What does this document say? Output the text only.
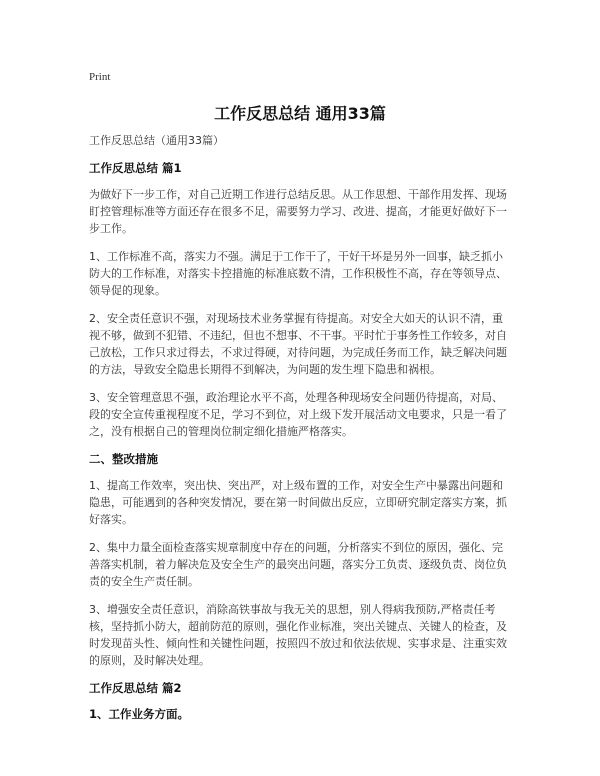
Print
工作反思总结 通用33篇

工作反思总结（通用33篇）

工作反思总结 篇1

为做好下一步工作，对自己近期工作进行总结反思。从工作思想、干部作用发挥、现场盯控管理标准等方面还存在很多不足，需要努力学习、改进、提高，才能更好做好下一步工作。

1、工作标准不高，落实力不强。满足于工作干了，干好干坏是另外一回事，缺乏抓小防大的工作标准，对落实卡控措施的标准底数不清，工作积极性不高，存在等领导点、领导促的现象。

2、安全责任意识不强，对现场技术业务掌握有待提高。对安全大如天的认识不清，重视不够，做到不犯错、不违纪，但也不想事、不干事。平时忙于事务性工作较多，对自己放松，工作只求过得去，不求过得硬，对待问题，为完成任务而工作，缺乏解决问题的方法，导致安全隐患长期得不到解决，为问题的发生埋下隐患和祸根。

3、安全管理意思不强，政治理论水平不高，处理各种现场安全问题仍待提高，对局、段的安全宣传重视程度不足，学习不到位，对上级下发开展活动文电要求，只是一看了之，没有根据自己的管理岗位制定细化措施严格落实。

二、整改措施

1、提高工作效率，突出快、突出严，对上级布置的工作，对安全生产中暴露出问题和隐患，可能遇到的各种突发情况，要在第一时间做出反应，立即研究制定落实方案，抓好落实。

2、集中力量全面检查落实规章制度中存在的问题，分析落实不到位的原因，强化、完善落实机制，着力解决危及安全生产的最突出问题，落实分工负责、逐级负责、岗位负责的安全生产责任制。

3、增强安全责任意识，消除高铁事故与我无关的思想，别人得病我预防,严格责任考核，坚持抓小防大，超前防范的原则，强化作业标准，突出关键点、关键人的检查，及时发现苗头性、倾向性和关键性问题，按照四不放过和依法依规、实事求是、注重实效的原则，及时解决处理。

工作反思总结 篇2
1、工作业务方面。
